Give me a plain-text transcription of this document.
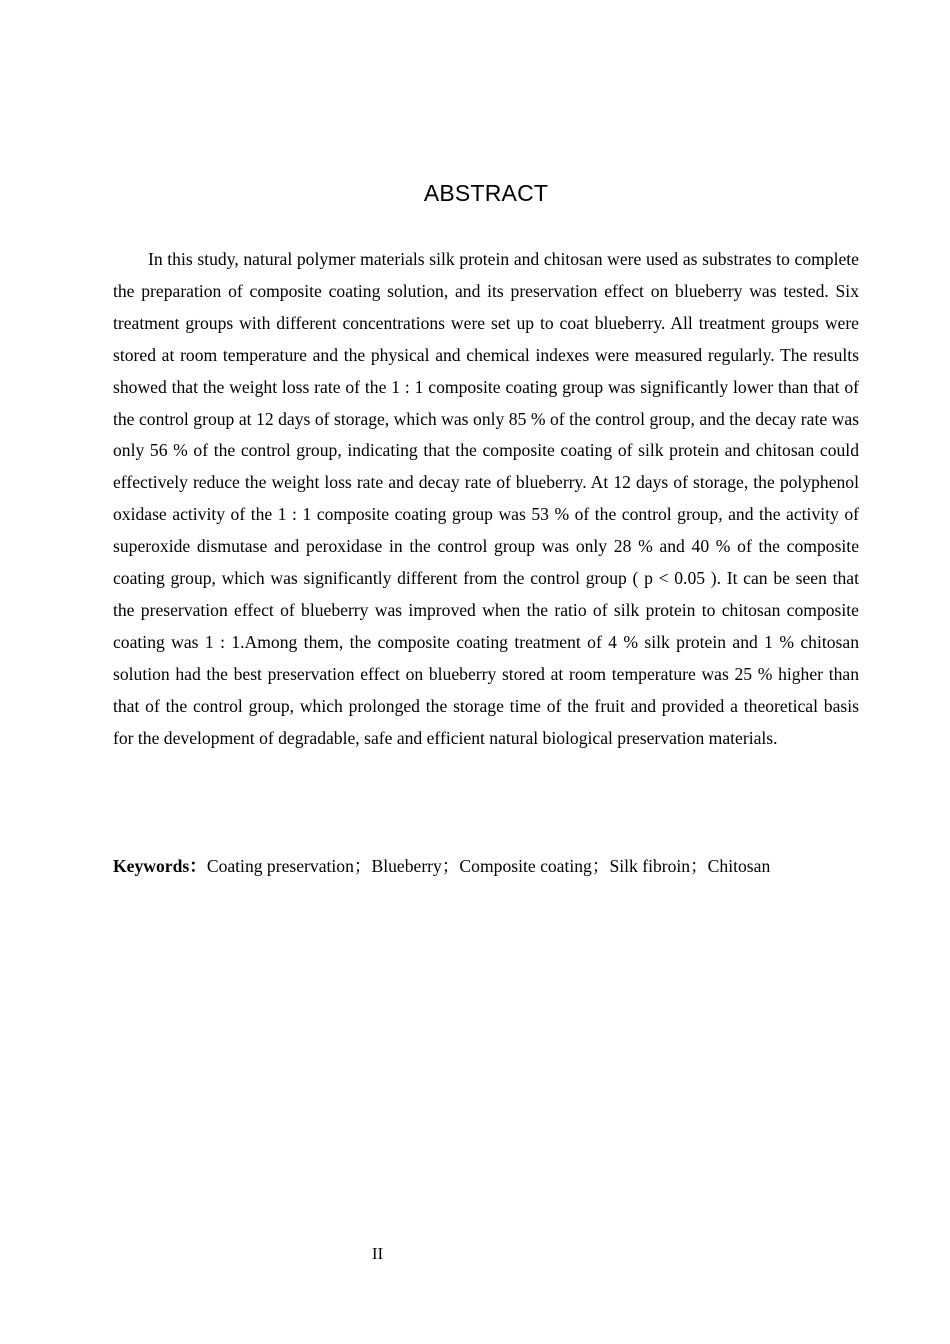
ABSTRACT

In this study, natural polymer materials silk protein and chitosan were used as substrates to complete the preparation of composite coating solution, and its preservation effect on blueberry was tested. Six treatment groups with different concentrations were set up to coat blueberry. All treatment groups were stored at room temperature and the physical and chemical indexes were measured regularly. The results showed that the weight loss rate of the 1 : 1 composite coating group was significantly lower than that of the control group at 12 days of storage, which was only 85 % of the control group, and the decay rate was only 56 % of the control group, indicating that the composite coating of silk protein and chitosan could effectively reduce the weight loss rate and decay rate of blueberry. At 12 days of storage, the polyphenol oxidase activity of the 1 : 1 composite coating group was 53 % of the control group, and the activity of superoxide dismutase and peroxidase in the control group was only 28 % and 40 % of the composite coating group, which was significantly different from the control group ( p < 0.05 ). It can be seen that the preservation effect of blueberry was improved when the ratio of silk protein to chitosan composite coating was 1 : 1.Among them, the composite coating treatment of 4 % silk protein and 1 % chitosan solution had the best preservation effect on blueberry stored at room temperature was 25 % higher than that of the control group, which prolonged the storage time of the fruit and provided a theoretical basis for the development of degradable, safe and efficient natural biological preservation materials.

Keywords：Coating preservation；Blueberry；Composite coating；Silk fibroin；Chitosan
II
